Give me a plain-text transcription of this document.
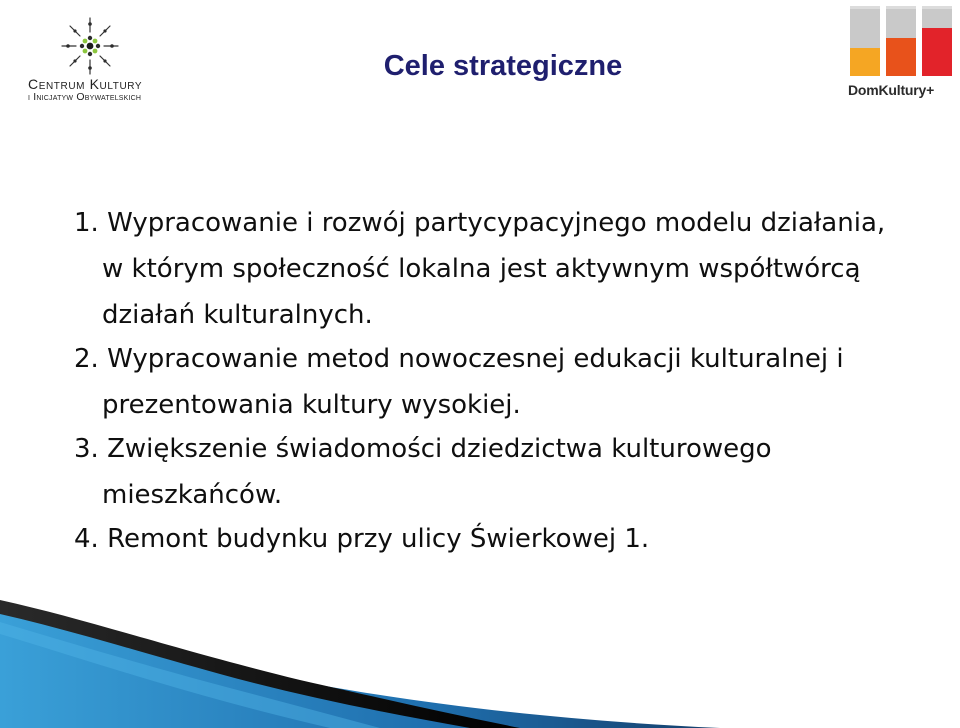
Centrum Kultury
i Inicjatyw Obywatelskich	DomKultury+
Cele strategiczne
1. Wypracowanie i rozwój partycypacyjnego modelu działania, w którym społeczność lokalna jest aktywnym współtwórcą działań kulturalnych.
2. Wypracowanie metod nowoczesnej edukacji kulturalnej i prezentowania kultury wysokiej.
3. Zwiększenie świadomości dziedzictwa kulturowego mieszkańców.
4. Remont budynku przy ulicy Świerkowej 1.
